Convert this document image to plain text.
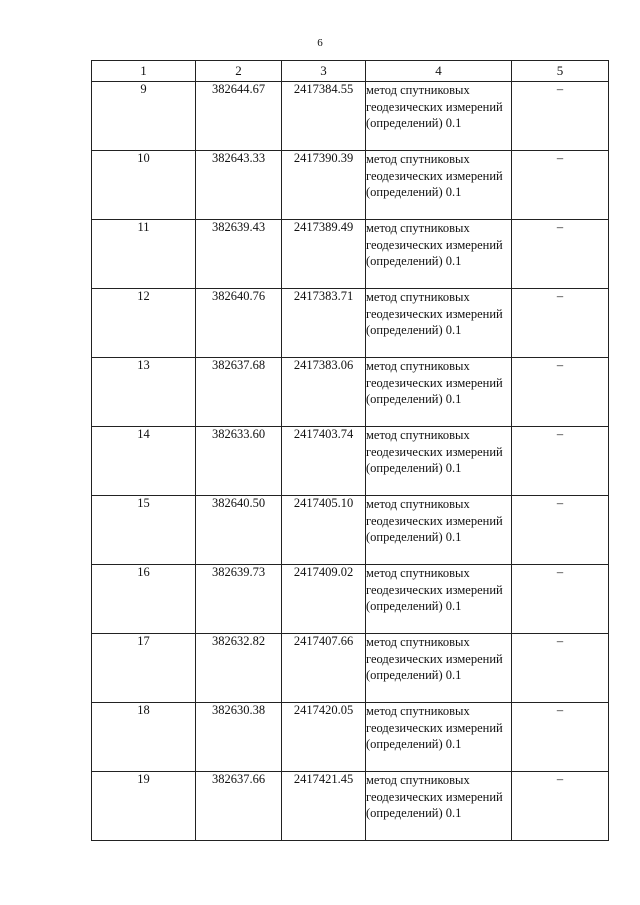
6
1	2	3	4	5
9	382644.67	2417384.55	метод спутниковых геодезических измерений (определений) 0.1	–
10	382643.33	2417390.39	метод спутниковых геодезических измерений (определений) 0.1	–
11	382639.43	2417389.49	метод спутниковых геодезических измерений (определений) 0.1	–
12	382640.76	2417383.71	метод спутниковых геодезических измерений (определений) 0.1	–
13	382637.68	2417383.06	метод спутниковых геодезических измерений (определений) 0.1	–
14	382633.60	2417403.74	метод спутниковых геодезических измерений (определений) 0.1	–
15	382640.50	2417405.10	метод спутниковых геодезических измерений (определений) 0.1	–
16	382639.73	2417409.02	метод спутниковых геодезических измерений (определений) 0.1	–
17	382632.82	2417407.66	метод спутниковых геодезических измерений (определений) 0.1	–
18	382630.38	2417420.05	метод спутниковых геодезических измерений (определений) 0.1	–
19	382637.66	2417421.45	метод спутниковых геодезических измерений (определений) 0.1	–
